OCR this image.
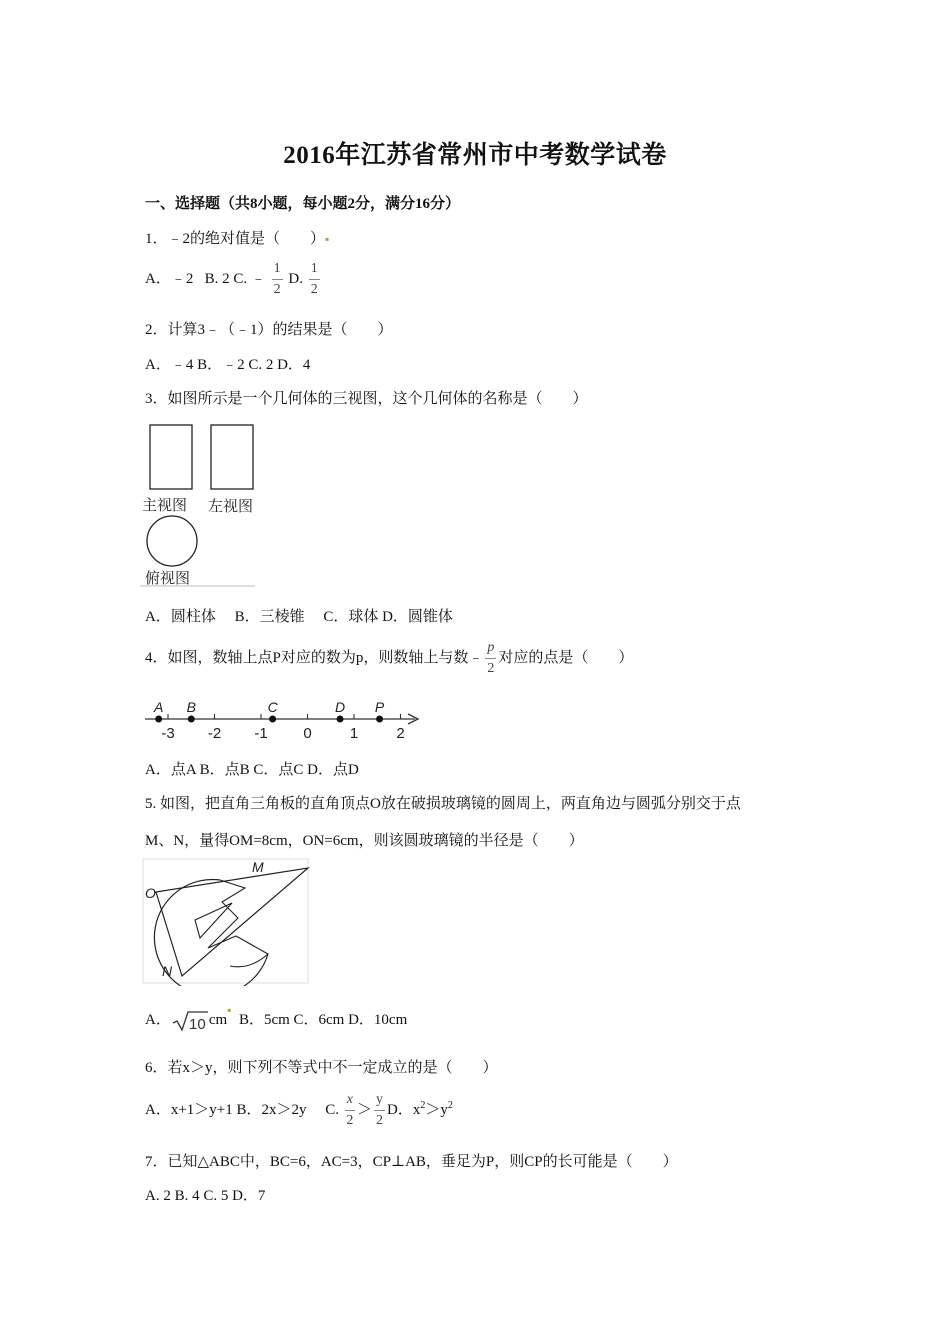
2016年江苏省常州市中考数学试卷
一、选择题（共8小题，每小题2分，满分16分）
1．﹣2的绝对值是（　　）▪
A．﹣2 B. 2 C. ﹣ $\frac{1}{2} D$. $\frac{1}{2}$
2．计算3﹣（﹣1）的结果是（　　）
A．﹣4 B．﹣2 C. 2 D．4
3．如图所示是一个几何体的三视图，这个几何体的名称是（　　）
主视图 左视图
俯视图
A．圆柱体　 B．三棱锥　 C．球体 D．圆锥体
4．如图，数轴上点P对应的数为p，则数轴上与数﹣ $\frac{p}{2}$ 对应的点是（　　）
-3 -2 -1 0	1	2
A B	C	D P
A．点A B．点B C．点C D．点D
5. 如图，把直角三角板的直角顶点O放在破损玻璃镜的圆周上，两直角边与圆弧分别交于点
M、N，量得OM=8cm，ON=6cm，则该圆玻璃镜的半径是（　　）
O
M
N
A． 10 cm▪  B．5cm C．6cm D．10cm
6．若x＞y，则下列不等式中不一定成立的是（　　）
A．x+1＞y+1 B．2x＞2y　 C. $\frac{x}{2} > \frac{y}{2}$ D．$x^2>y^2$
7．已知△ABC中，BC=6，AC=3，CP⊥AB，垂足为P，则CP的长可能是（　　）
A. 2 B. 4 C. 5 D．7
